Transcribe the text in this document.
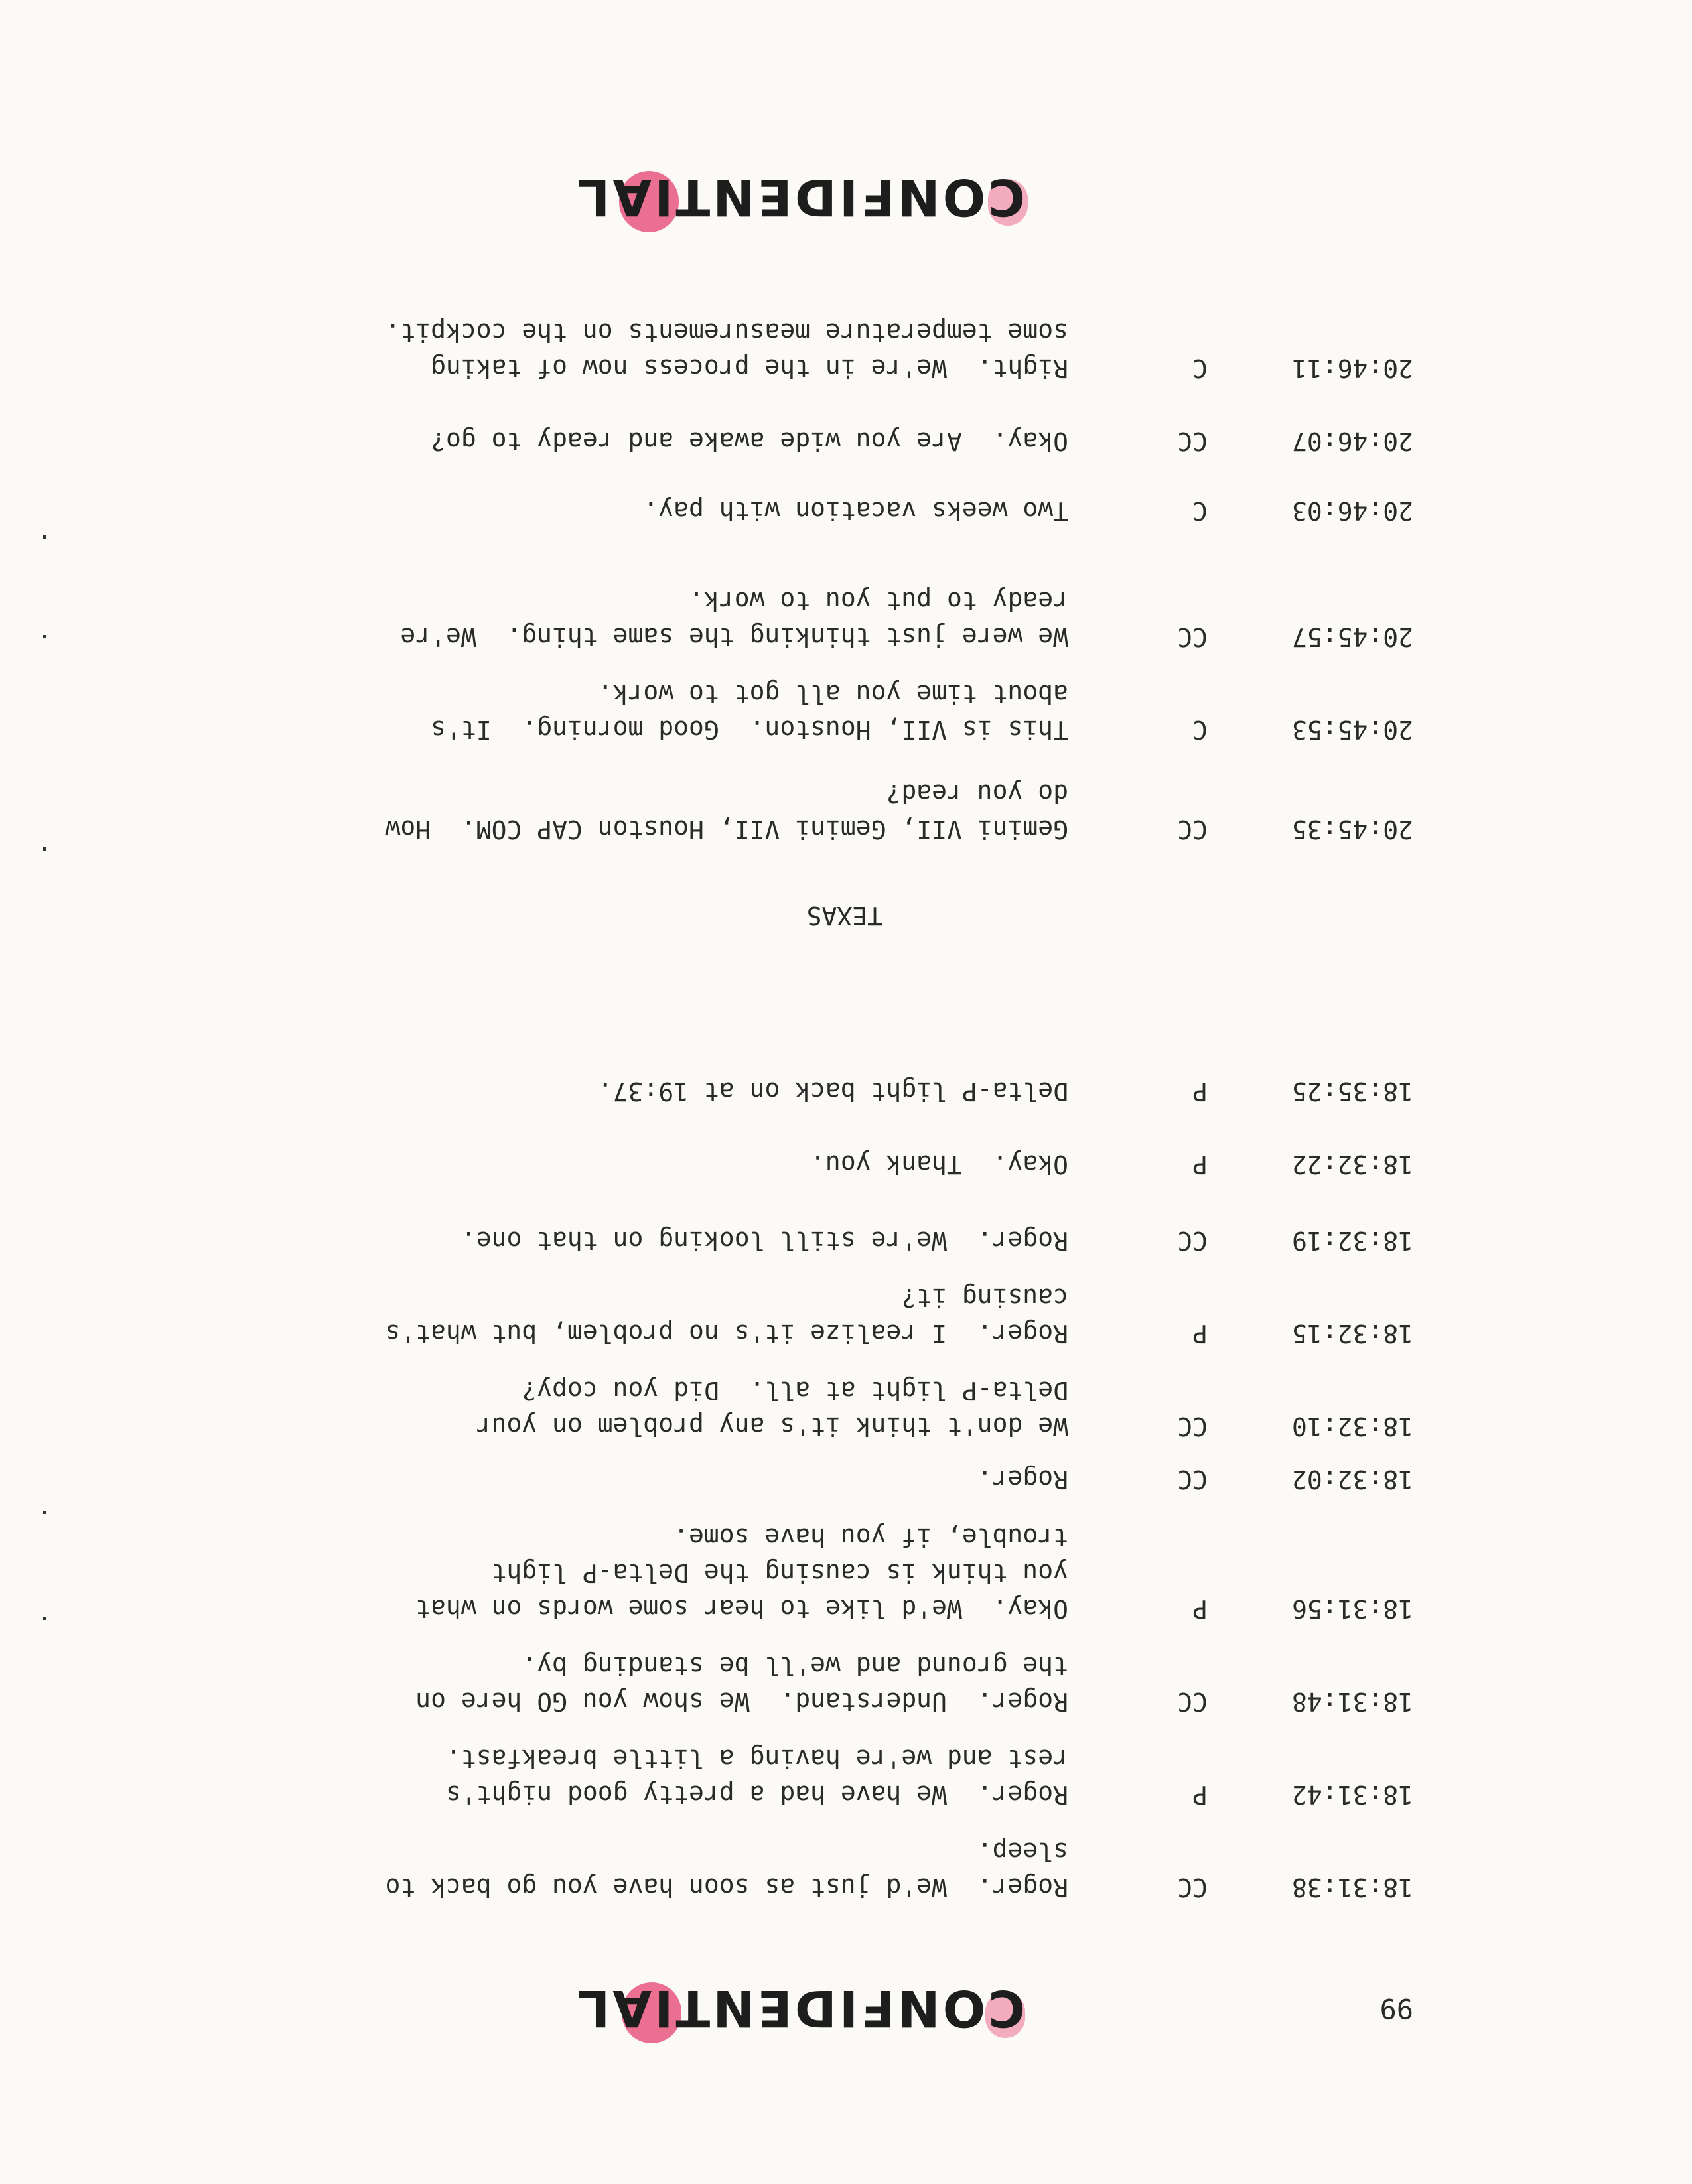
99
CONFIDENTIAL
18:31:38
CC
Roger.  We'd just as soon have you go back to sleep.
18:31:42
P
Roger.  We have had a pretty good night's rest and we're having a little breakfast.
18:31:48
CC
Roger.  Understand.  We show you GO here on the ground and we'll be standing by.
18:31:56
P
Okay.  We'd like to hear some words on what you think is causing the Delta-P light trouble, if you have some.
18:32:02
CC
Roger.
18:32:10
CC
We don't think it's any problem on your Delta-P light at all.  Did you copy?
18:32:15
P
Roger.  I realize it's no problem, but what's causing it?
18:32:19
CC
Roger.  We're still looking on that one.
18:32:22
P
Okay.  Thank you.
18:35:25
P
Delta-P light back on at 19:37.
TEXAS
20:45:35
CC
Gemini VII, Gemini VII, Houston CAP COM.  How do you read?
20:45:53
C
This is VII, Houston.  Good morning.  It's about time you all got to work.
20:45:57
CC
We were just thinking the same thing.  We're ready to put you to work.
20:46:03
C
Two weeks vacation with pay.
20:46:07
CC
Okay.  Are you wide awake and ready to go?
20:46:11
C
Right.  We're in the process now of taking some temperature measurements on the cockpit.
CONFIDENTIAL
